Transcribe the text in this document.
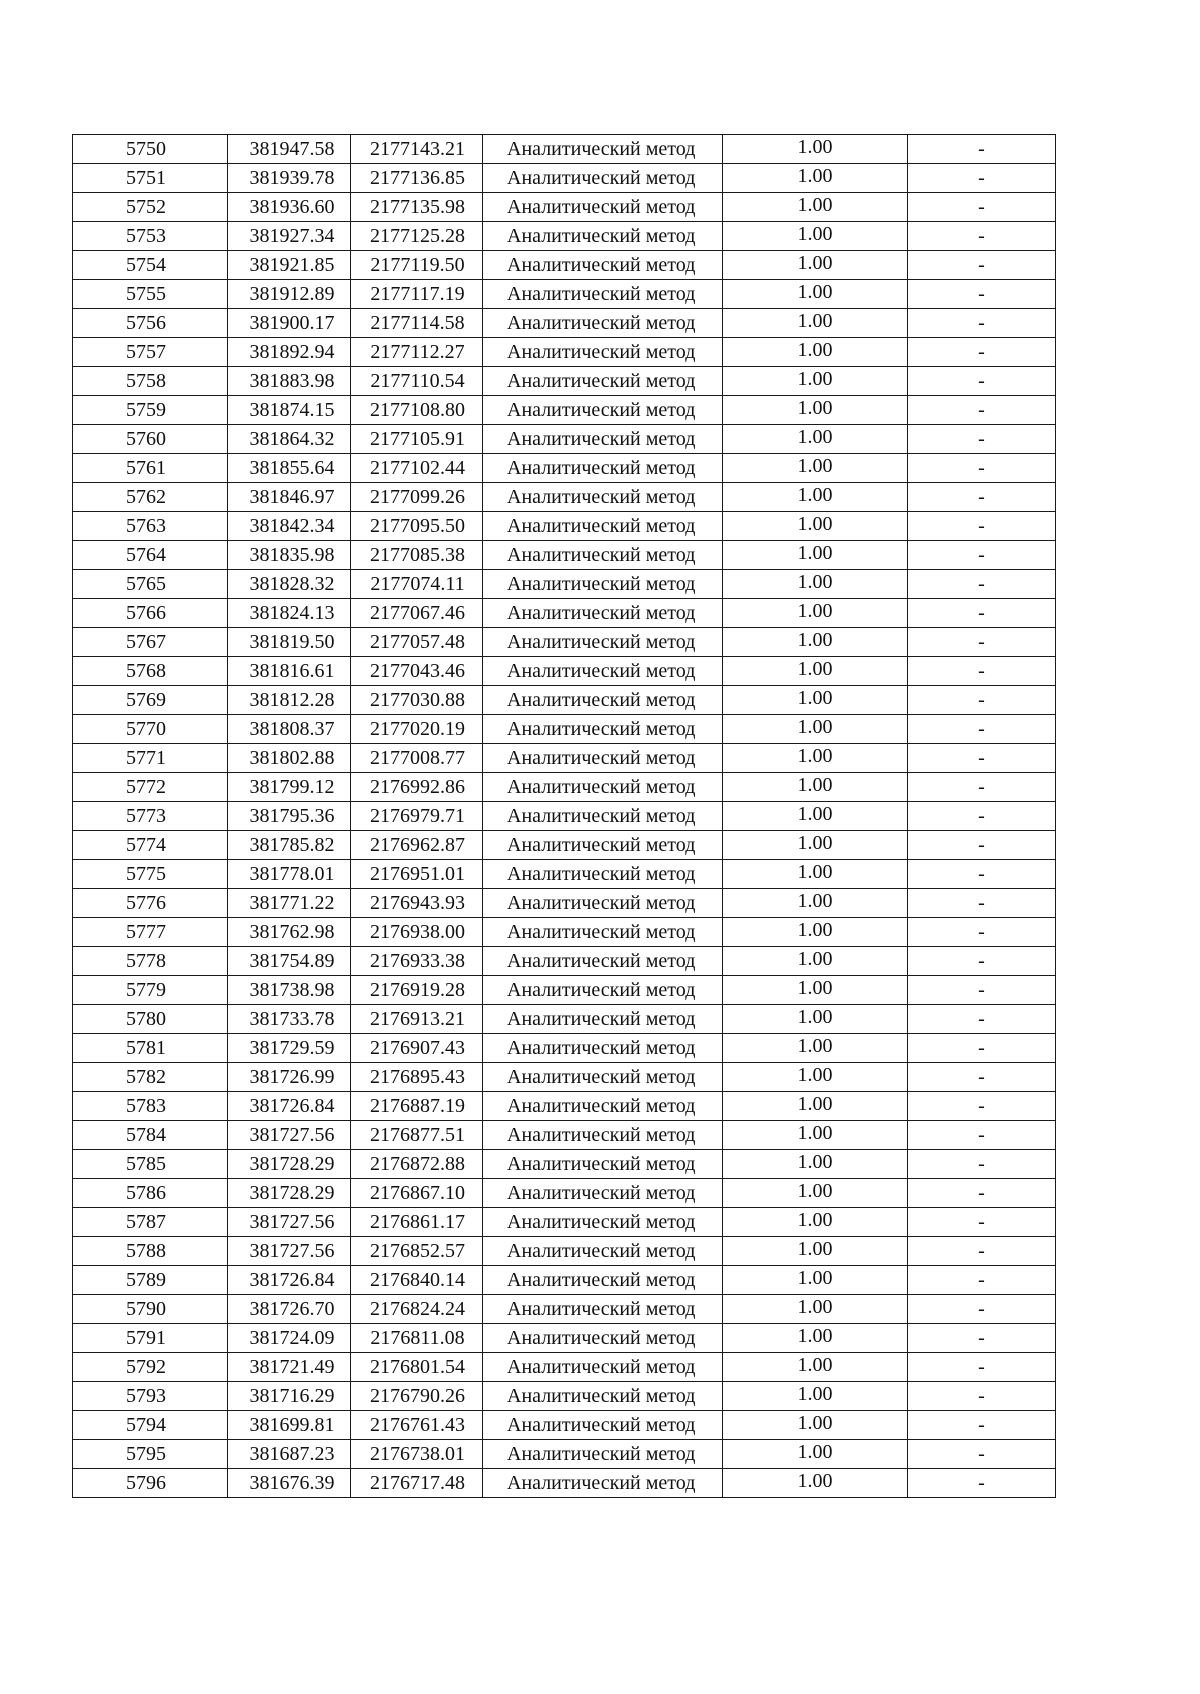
5750	381947.58	2177143.21	Аналитический метод	1.00	-
5751	381939.78	2177136.85	Аналитический метод	1.00	-
5752	381936.60	2177135.98	Аналитический метод	1.00	-
5753	381927.34	2177125.28	Аналитический метод	1.00	-
5754	381921.85	2177119.50	Аналитический метод	1.00	-
5755	381912.89	2177117.19	Аналитический метод	1.00	-
5756	381900.17	2177114.58	Аналитический метод	1.00	-
5757	381892.94	2177112.27	Аналитический метод	1.00	-
5758	381883.98	2177110.54	Аналитический метод	1.00	-
5759	381874.15	2177108.80	Аналитический метод	1.00	-
5760	381864.32	2177105.91	Аналитический метод	1.00	-
5761	381855.64	2177102.44	Аналитический метод	1.00	-
5762	381846.97	2177099.26	Аналитический метод	1.00	-
5763	381842.34	2177095.50	Аналитический метод	1.00	-
5764	381835.98	2177085.38	Аналитический метод	1.00	-
5765	381828.32	2177074.11	Аналитический метод	1.00	-
5766	381824.13	2177067.46	Аналитический метод	1.00	-
5767	381819.50	2177057.48	Аналитический метод	1.00	-
5768	381816.61	2177043.46	Аналитический метод	1.00	-
5769	381812.28	2177030.88	Аналитический метод	1.00	-
5770	381808.37	2177020.19	Аналитический метод	1.00	-
5771	381802.88	2177008.77	Аналитический метод	1.00	-
5772	381799.12	2176992.86	Аналитический метод	1.00	-
5773	381795.36	2176979.71	Аналитический метод	1.00	-
5774	381785.82	2176962.87	Аналитический метод	1.00	-
5775	381778.01	2176951.01	Аналитический метод	1.00	-
5776	381771.22	2176943.93	Аналитический метод	1.00	-
5777	381762.98	2176938.00	Аналитический метод	1.00	-
5778	381754.89	2176933.38	Аналитический метод	1.00	-
5779	381738.98	2176919.28	Аналитический метод	1.00	-
5780	381733.78	2176913.21	Аналитический метод	1.00	-
5781	381729.59	2176907.43	Аналитический метод	1.00	-
5782	381726.99	2176895.43	Аналитический метод	1.00	-
5783	381726.84	2176887.19	Аналитический метод	1.00	-
5784	381727.56	2176877.51	Аналитический метод	1.00	-
5785	381728.29	2176872.88	Аналитический метод	1.00	-
5786	381728.29	2176867.10	Аналитический метод	1.00	-
5787	381727.56	2176861.17	Аналитический метод	1.00	-
5788	381727.56	2176852.57	Аналитический метод	1.00	-
5789	381726.84	2176840.14	Аналитический метод	1.00	-
5790	381726.70	2176824.24	Аналитический метод	1.00	-
5791	381724.09	2176811.08	Аналитический метод	1.00	-
5792	381721.49	2176801.54	Аналитический метод	1.00	-
5793	381716.29	2176790.26	Аналитический метод	1.00	-
5794	381699.81	2176761.43	Аналитический метод	1.00	-
5795	381687.23	2176738.01	Аналитический метод	1.00	-
5796	381676.39	2176717.48	Аналитический метод	1.00	-
